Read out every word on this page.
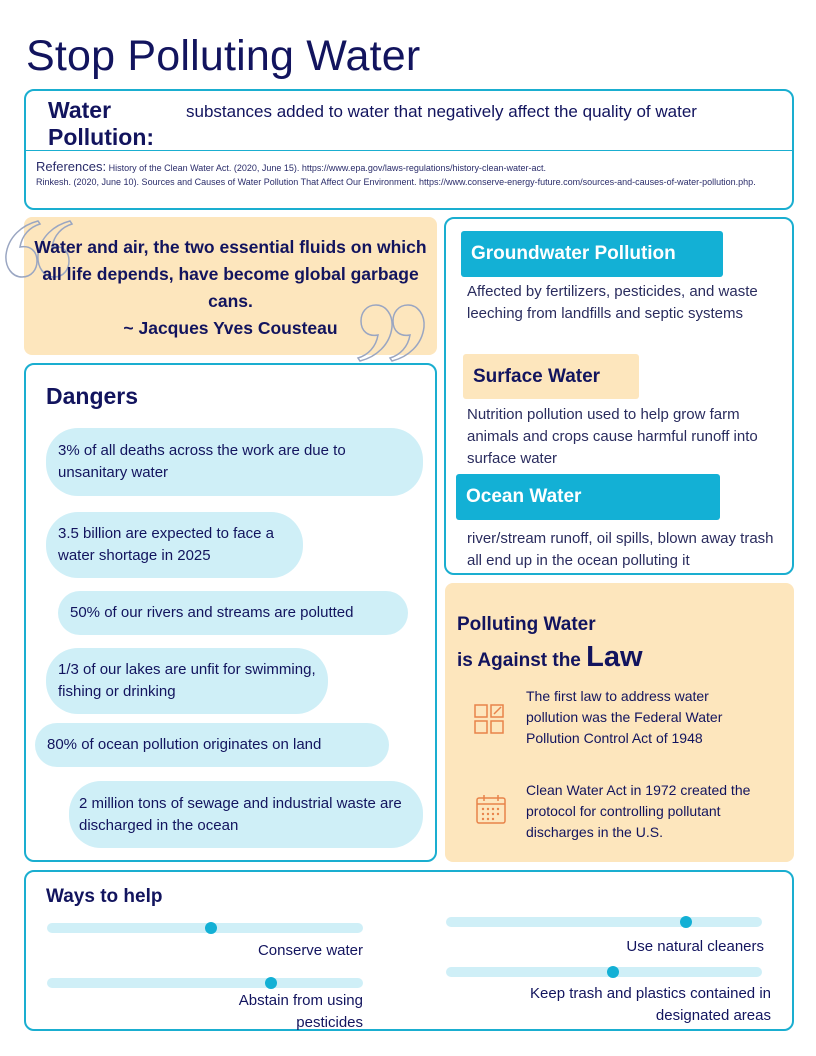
Stop Polluting Water
Water Pollution:
substances added to water that negatively affect the quality of water
References: History of the Clean Water Act. (2020, June 15). https://www.epa.gov/laws-regulations/history-clean-water-act.
Rinkesh. (2020, June 10). Sources and Causes of Water Pollution That Affect Our Environment. https://www.conserve-energy-future.com/sources-and-causes-of-water-pollution.php.
Water and air, the two essential fluids on which all life depends, have become global garbage cans.
~ Jacques Yves Cousteau
Groundwater Pollution
Affected by fertilizers, pesticides, and waste leeching from landfills and septic systems
Surface Water
Nutrition pollution used to help grow farm animals and crops cause harmful runoff into surface water
Ocean Water
river/stream runoff, oil spills, blown away trash all end up in the ocean polluting it
Dangers
3% of all deaths across the work are due to unsanitary water
3.5 billion are expected to face a water shortage in 2025
50% of our rivers and streams are polutted
1/3 of our lakes are unfit for swimming, fishing or drinking
80% of ocean pollution originates on land
2 million tons of sewage and industrial waste are discharged in the ocean
Polluting Water
is Against the Law
The first law to address water pollution was the Federal Water Pollution Control Act of 1948
Clean Water Act in 1972 created the protocol for controlling pollutant discharges in the U.S.
Ways to help
Conserve water
Abstain from using pesticides
Use natural cleaners
Keep trash and plastics contained in designated areas
